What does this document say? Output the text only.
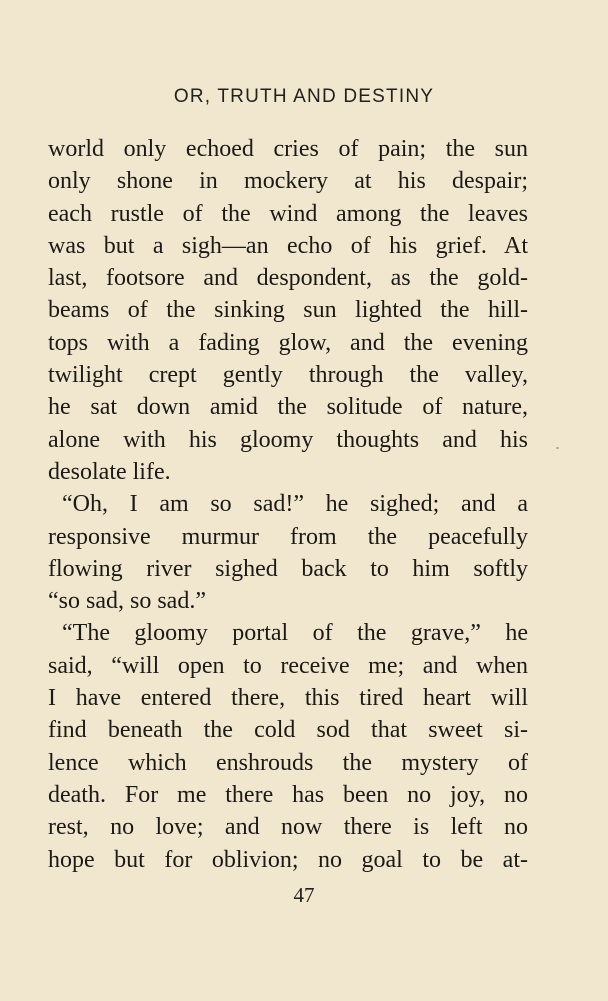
OR, TRUTH AND DESTINY
world only echoed cries of pain; the sun
only shone in mockery at his despair;
each rustle of the wind among the leaves
was but a sigh—an echo of his grief. At
last, footsore and despondent, as the gold-
beams of the sinking sun lighted the hill-
tops with a fading glow, and the evening
twilight crept gently through the valley,
he sat down amid the solitude of nature,
alone with his gloomy thoughts and his
desolate life.
“Oh, I am so sad!” he sighed; and a
responsive murmur from the peacefully
flowing river sighed back to him softly
“so sad, so sad.”
“The gloomy portal of the grave,” he
said, “will open to receive me; and when
I have entered there, this tired heart will
find beneath the cold sod that sweet si-
lence which enshrouds the mystery of
death. For me there has been no joy, no
rest, no love; and now there is left no
hope but for oblivion; no goal to be at-
47
